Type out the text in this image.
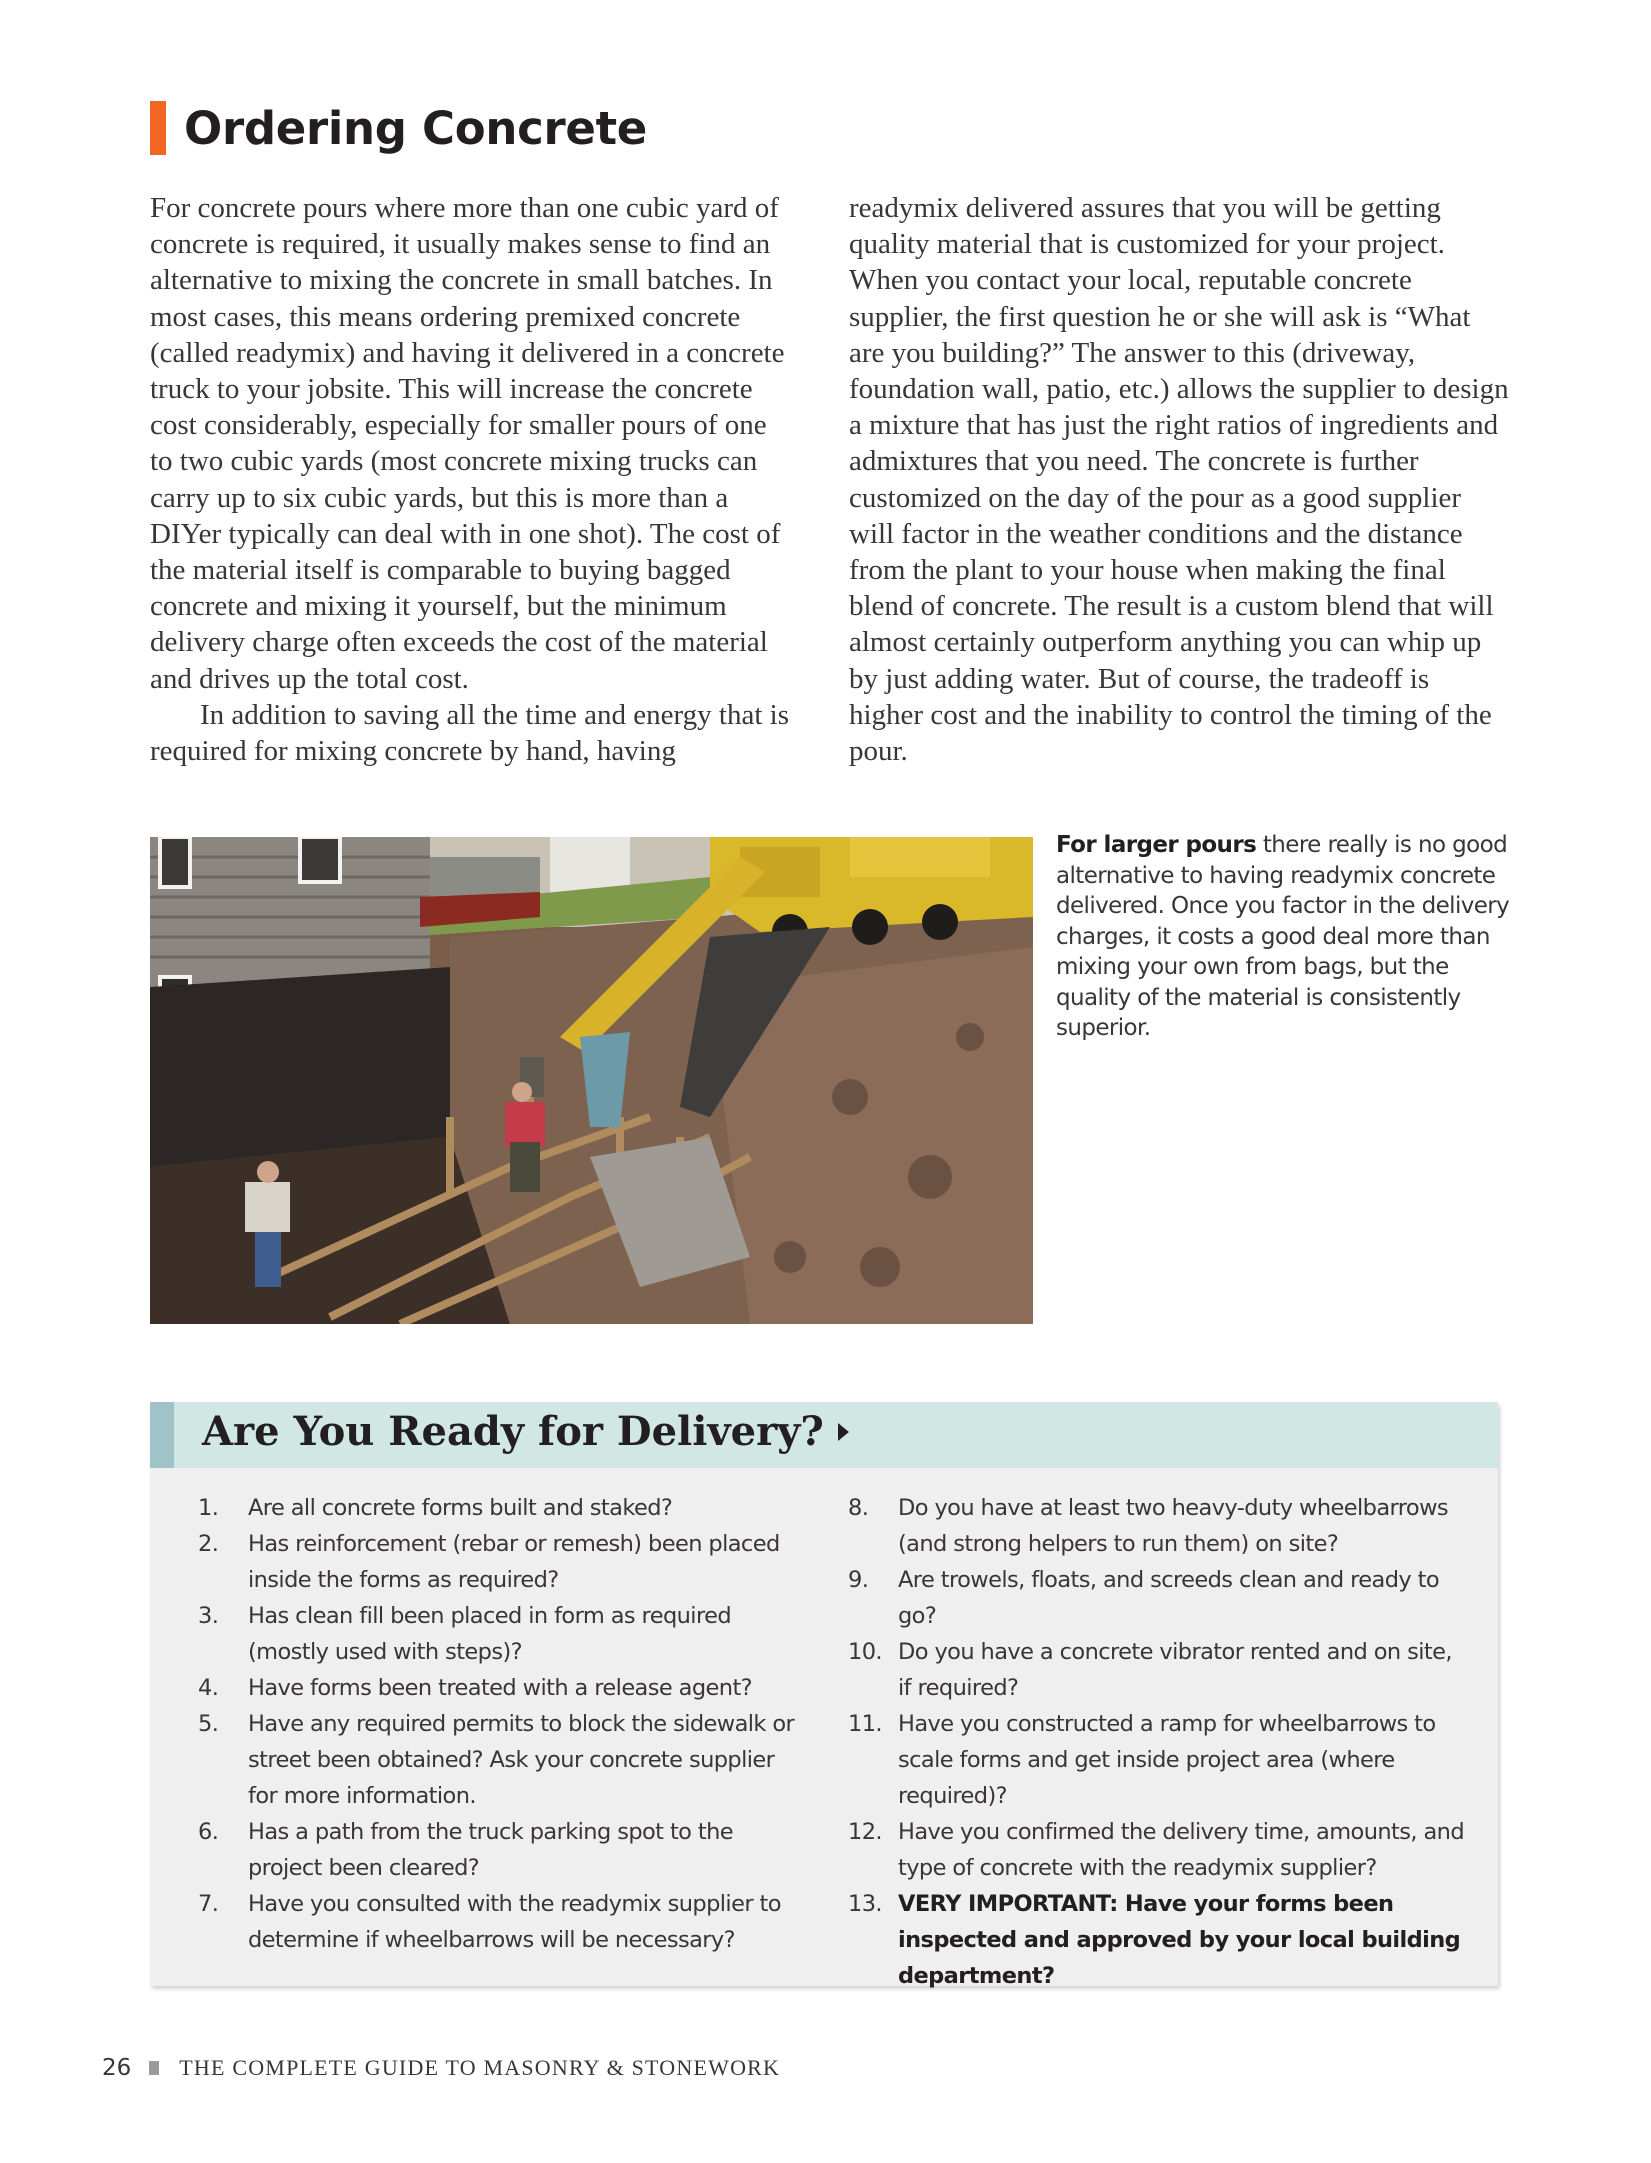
Ordering Concrete

For concrete pours where more than one cubic yard of concrete is required, it usually makes sense to find an alternative to mixing the concrete in small batches. In most cases, this means ordering premixed concrete (called readymix) and having it delivered in a concrete truck to your jobsite. This will increase the concrete cost considerably, especially for smaller pours of one to two cubic yards (most concrete mixing trucks can carry up to six cubic yards, but this is more than a DIYer typically can deal with in one shot). The cost of the material itself is comparable to buying bagged concrete and mixing it yourself, but the minimum delivery charge often exceeds the cost of the material and drives up the total cost.

In addition to saving all the time and energy that is required for mixing concrete by hand, having

readymix delivered assures that you will be getting quality material that is customized for your project. When you contact your local, reputable concrete supplier, the first question he or she will ask is “What are you building?” The answer to this (driveway, foundation wall, patio, etc.) allows the supplier to design a mixture that has just the right ratios of ingredients and admixtures that you need. The concrete is further customized on the day of the pour as a good supplier will factor in the weather conditions and the distance from the plant to your house when making the final blend of concrete. The result is a custom blend that will almost certainly outperform anything you can whip up by just adding water. But of course, the tradeoff is higher cost and the inability to control the timing of the pour.

For larger pours there really is no good alternative to having readymix concrete delivered. Once you factor in the delivery charges, it costs a good deal more than mixing your own from bags, but the quality of the material is consistently superior.
Are You Ready for Delivery?
1.	Are all concrete forms built and staked?
2.	Has reinforcement (rebar or remesh) been placed inside the forms as required?
3.	Has clean fill been placed in form as required (mostly used with steps)?
4.	Have forms been treated with a release agent?
5.	Have any required permits to block the sidewalk or street been obtained? Ask your concrete supplier for more information.
6.	Has a path from the truck parking spot to the project been cleared?
7.	Have you consulted with the readymix supplier to determine if wheelbarrows will be necessary?
8.	Do you have at least two heavy-duty wheelbarrows (and strong helpers to run them) on site?
9.	Are trowels, floats, and screeds clean and ready to go?
10. Do you have a concrete vibrator rented and on site, if required?
11. Have you constructed a ramp for wheelbarrows to scale forms and get inside project area (where required)?
12. Have you confirmed the delivery time, amounts, and type of concrete with the readymix supplier?
13. VERY IMPORTANT: Have your forms been inspected and approved by your local building department?
26 THE COMPLETE GUIDE TO MASONRY & STONEWORK
